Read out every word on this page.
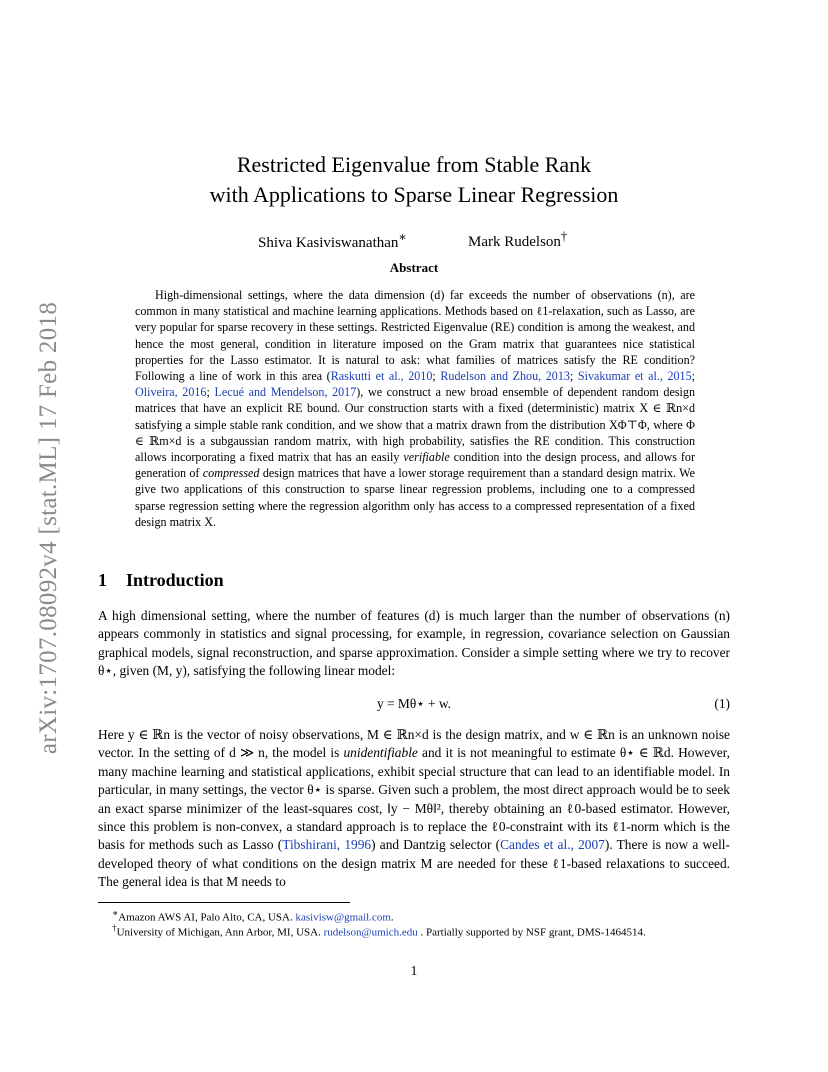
arXiv:1707.08092v4 [stat.ML] 17 Feb 2018
Restricted Eigenvalue from Stable Rank
with Applications to Sparse Linear Regression
Shiva Kasiviswanathan∗	Mark Rudelson†
Abstract

High-dimensional settings, where the data dimension (d) far exceeds the number of observations (n), are common in many statistical and machine learning applications. Methods based on ℓ1-relaxation, such as Lasso, are very popular for sparse recovery in these settings. Restricted Eigenvalue (RE) condition is among the weakest, and hence the most general, condition in literature imposed on the Gram matrix that guarantees nice statistical properties for the Lasso estimator. It is natural to ask: what families of matrices satisfy the RE condition? Following a line of work in this area (Raskutti et al., 2010; Rudelson and Zhou, 2013; Sivakumar et al., 2015; Oliveira, 2016; Lecué and Mendelson, 2017), we construct a new broad ensemble of dependent random design matrices that have an explicit RE bound. Our construction starts with a fixed (deterministic) matrix X ∈ ℝn×d satisfying a simple stable rank condition, and we show that a matrix drawn from the distribution XΦ⊤Φ, where Φ ∈ ℝm×d is a subgaussian random matrix, with high probability, satisfies the RE condition. This construction allows incorporating a fixed matrix that has an easily verifiable condition into the design process, and allows for generation of compressed design matrices that have a lower storage requirement than a standard design matrix. We give two applications of this construction to sparse linear regression problems, including one to a compressed sparse regression setting where the regression algorithm only has access to a compressed representation of a fixed design matrix X.

1 Introduction

A high dimensional setting, where the number of features (d) is much larger than the number of observations (n) appears commonly in statistics and signal processing, for example, in regression, covariance selection on Gaussian graphical models, signal reconstruction, and sparse approximation. Consider a simple setting where we try to recover θ⋆, given (M, y), satisfying the following linear model:

y = Mθ⋆ + w.	(1)

Here y ∈ ℝn is the vector of noisy observations, M ∈ ℝn×d is the design matrix, and w ∈ ℝn is an unknown noise vector. In the setting of d ≫ n, the model is unidentifiable and it is not meaningful to estimate θ⋆ ∈ ℝd. However, many machine learning and statistical applications, exhibit special structure that can lead to an identifiable model. In particular, in many settings, the vector θ⋆ is sparse. Given such a problem, the most direct approach would be to seek an exact sparse minimizer of the least-squares cost, ‖y − Mθ‖², thereby obtaining an ℓ0-based estimator. However, since this problem is non-convex, a standard approach is to replace the ℓ0-constraint with its ℓ1-norm which is the basis for methods such as Lasso (Tibshirani, 1996) and Dantzig selector (Candes et al., 2007). There is now a well-developed theory of what conditions on the design matrix M are needed for these ℓ1-based relaxations to succeed. The general idea is that M needs to

∗Amazon AWS AI, Palo Alto, CA, USA. kasivisw@gmail.com.
†University of Michigan, Ann Arbor, MI, USA. rudelson@umich.edu . Partially supported by NSF grant, DMS-1464514.
1
